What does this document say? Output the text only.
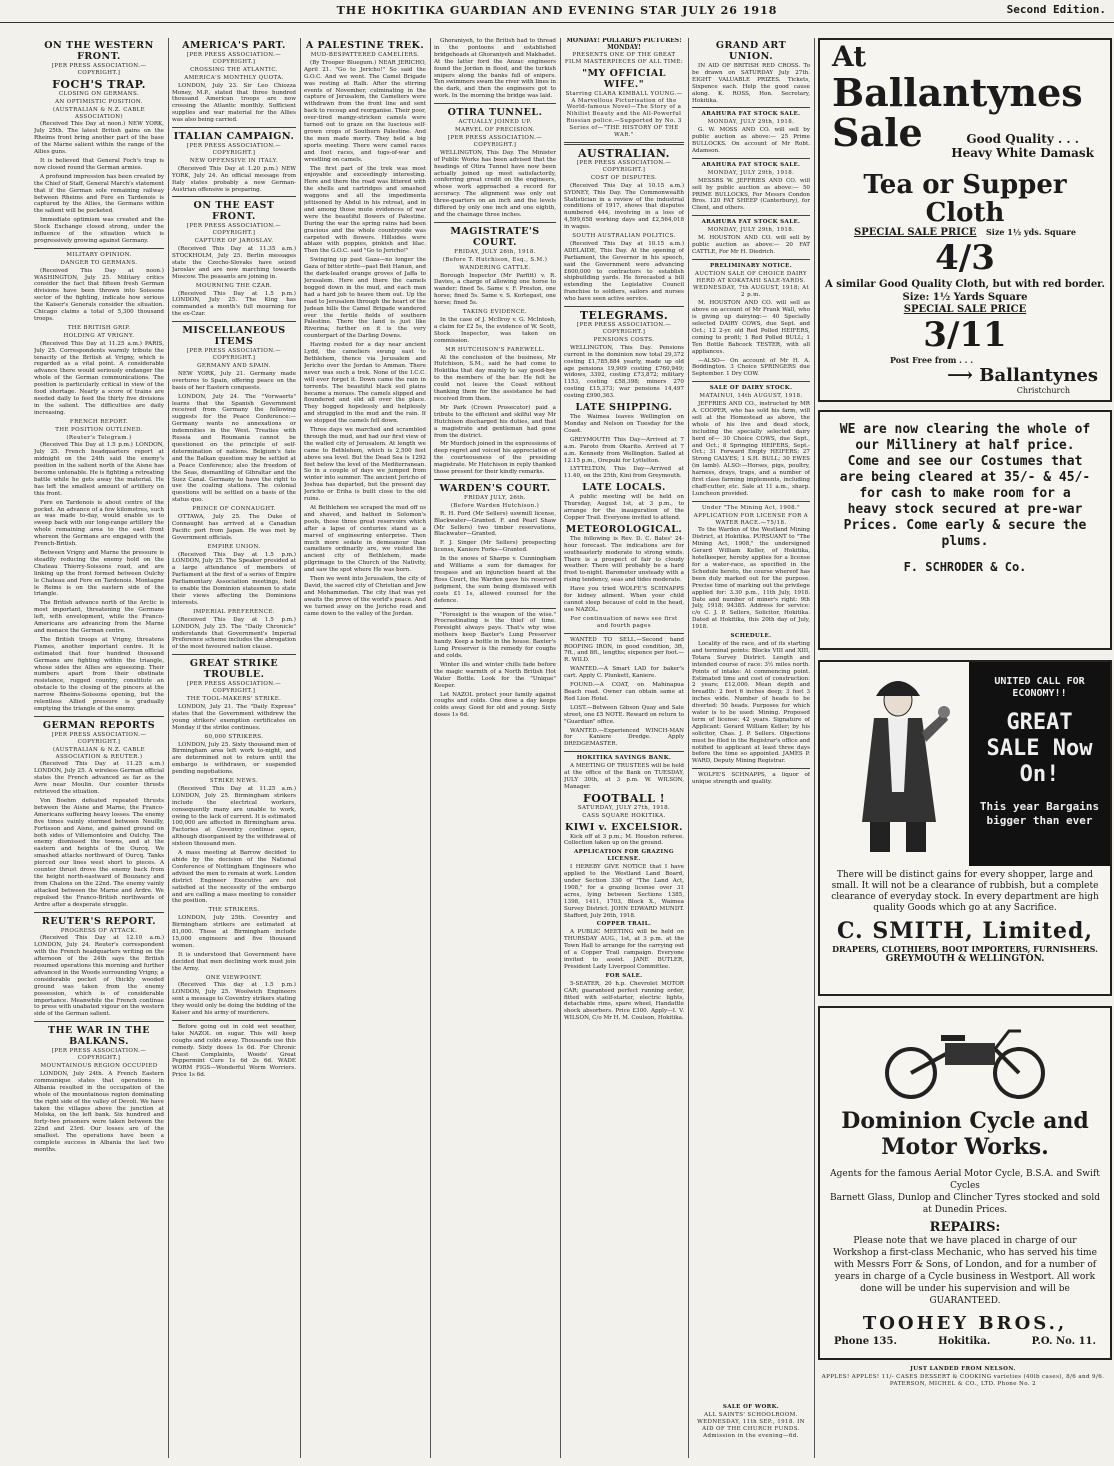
THE HOKITIKA GUARDIAN AND EVENING STAR JULY 26 1918	Second Edition.
ON THE WESTERN FRONT.
[PER PRESS ASSOCIATION.—COPYRIGHT.]
FOCH'S TRAP.
CLOSING ON GERMANS.
AN OPTIMISTIC POSITION.
(AUSTRALIAN & N.Z. CABLE ASSOCIATION)

(Received This Day at noon.) NEW YORK, July 25th. The latest British gains on the Rheims front bring another part of the base of the Marne salient within the range of the Allies guns.

It is believed that General Foch's trap is now closed round the German armies.

A profound impression has been created by the Chief of Staff, General March's statement that if the German sole remaining railway between Rheims and Fere en Tardenois is captured by the Allies, the Germans within the salient will be pocketed.

Immediate optimism was created and the Stock Exchange closed strong, under the influence of the situation which is progressively growing against Germany.

MILITARY OPINION.
DANGER TO GERMANS.

(Received This Day at noon.) WASHINGTON, July 25. Military critics consider the fact that fifteen fresh German divisions have been thrown into Soissons sector of the fighting, indicate how serious the Kaiser's Generals consider the situation. Chicago claims a total of 5,300 thousand troops.

THE BRITISH GRIP.
HOLDING AT VRIGNY.

(Received This Day at 11.25 a.m.) PARIS, July 25. Correspondents warmly tribute the tenacity of the British at Vrigny, which is regarded as a vital point. A considerable advance there would seriously endanger the whole of the German communications. The position is particularly critical in view of the food shortage. Nearly a score of trains are needed daily to feed the thirty five divisions in the salient. The difficulties are daily increasing.

FRENCH REPORT.
THE POSITION OUTLINED.
(Reuter's Telegram.)

(Received This Day at 1.5 p.m.) LONDON, July 25. French headquarters report at midnight on the 24th said the enemy's position in the salient north of the Aisne has become untenable. He is fighting a retreating battle while he gets away the material. He has left the smallest amount of artillery on this front.

Fere en Tardenois is about centre of the pocket. An advance of a few kilometres, such as was made to-day, would enable us to sweep back with our long-range artillery the whole remaining area to the east front whereon the Germans are engaged with the French-British.

Between Vrigny and Marne the pressure is steadily reducing the enemy hold on the Chateau Thierry-Soissons road, and are linking up the front formed between Oulchy le Chateau and Fere en Tardenois. Montagne le Reims is on the eastern side of the triangle.

The British advance north of the Arctic is most important, threatening the Germans left, with envelopment, while the Franco-Americans are advancing from the Marne and menace the German centre.

The British troops at Vrigny, threatens Fismes, another important centre. It is estimated that four hundred thousand Germans are fighting within the triangle, whose sides the Allies are squeezing. Their numbers apart from their obstinate resistance, rugged country, constitute an obstacle to the closing of the pincers at the narrow Rheims-Soissons opening, but the relentless Allied pressure is gradually emptying the triangle of the enemy.

GERMAN REPORTS
[PER PRESS ASSOCIATION.—COPYRIGHT.]
(AUSTRALIAN & N.Z. CABLE ASSOCIATION & REUTER.)

(Received This Day at 11.25 a.m.) LONDON, July 25. A wireless German official states the French advanced as far as the Avre near Moulin. Our counter thrusts retrieved the situation.

Von Boehm defeated repeated thrusts between the Aisne and Marne, the Franco-Americans suffering heavy losses. The enemy five times vainly stormed between Neuilly, Fortisson and Aisne, and gained ground on both sides of Villemontoire and Oulchy. The enemy dismissed the towns, and at the eastern and heights of the Ourcq. We smashed attacks northward of Ourcq. Tanks pierced our lines west short to pieces. A counter thrust drove the enemy back from the height north-eastward of Bouzancy and from Chalons on the 22nd. The enemy vainly attacked between the Marne and Ardre. We repulsed the Franco-British northwards of Ardre after a desperate struggle.

REUTER'S REPORT.
PROGRESS OF ATTACK.

(Received This Day at 12.10 a.m.) LONDON, July 24. Reuter's correspondent with the French headquarters writing on the afternoon of the 24th says the British resumed operations this morning and further advanced in the Woods surrounding Vrigny, a considerable pocket of thickly wooded ground was taken from the enemy possession, which is of considerable importance. Meanwhile the French continue to press with unabated vigour on the western side of the German salient.

THE WAR IN THE BALKANS.
[PER PRESS ASSOCIATION.—COPYRIGHT.]
MOUNTAINOUS REGION OCCUPIED

LONDON, July 24th. A French Eastern communique states that operations in Albania resulted in the occupation of the whole of the mountainous region dominating the right side of the valley of Devoli. We have taken the villages above the junction at Molska, on the left bank. Six hundred and forty-two prisoners were taken between the 22nd and 23rd. Our losses are of the smallest. The operations have been a complete success in Albania the last two months.

AMERICA'S PART.
[PER PRESS ASSOCIATION.—COPYRIGHT.]
CROSSING THE ATLANTIC.
AMERICA'S MONTHLY QUOTA.

LONDON, July 23. Sir Leo Chiozza Money, M.P., stated that three hundred thousand American troops are now crossing the Atlantic monthly. Sufficient supplies and war material for the Allies was also being carried.

ITALIAN CAMPAIGN.
[PER PRESS ASSOCIATION.—COPYRIGHT.]
NEW OFFENSIVE IN ITALY.

(Received This Day at 1.20 p.m.) NEW YORK, July 24. An official message from Italy states probably a new German-Austrian offensive is preparing.

ON THE EAST FRONT.
[PER PRESS ASSOCIATION.—COPYRIGHT.]
CAPTURE OF JAROSLAV.

(Received This Day at 11.35 a.m.) STOCKHOLM, July 25. Berlin messages state the Czecho-Slovaks have seized Jaroslav and are now marching towards Moscow. The peasants are joining in.

MOURNING THE CZAR.

(Received This Day at 1.5 p.m.) LONDON, July 25. The King has commanded a month's full mourning for the ex-Czar.

MISCELLANEOUS ITEMS
[PER PRESS ASSOCIATION.—COPYRIGHT.]
GERMANY AND SPAIN.

NEW YORK, July 21. Germany made overtures to Spain, offering peace on the basis of her Eastern conquests.

LONDON, July 24. The "Vorwaerts" learns that the Spanish Government received from Germany the following suggests for the Peace Conference:—Germany wants no annexations or indemnities in the West. Treaties with Russia and Roumania cannot be questioned on the principle of self-determination of nations. Belgium's fate and the Balkan question may be settled at a Peace Conference; also the freedom of the Seas, dismantling of Gibraltar and the Suez Canal. Germany to have the right to use the coaling stations. The colonial questions will be settled on a basis of the status quo.

PRINCE OF CONNAUGHT.

OTTAWA, July 25. The Duke of Connaught has arrived at a Canadian Pacific port from Japan. He was met by Government officials.

EMPIRE UNION.

(Received This Day at 1.5 p.m.) LONDON, July 25. The Speaker presided at a large attendance of members of Parliament at the first of a series of Empire Parliamentary Association meetings, held to enable the Dominion statesmen to state their views affecting the Dominions interests.

IMPERIAL PREFERENCE.

(Received This Day at 1.5 p.m.) LONDON, July 25. The "Daily Chronicle" understands that Government's Imperial Preference scheme includes the abrogation of the most favoured nation clause.

GREAT STRIKE TROUBLE.
[PER PRESS ASSOCIATION.—COPYRIGHT.]
THE TOOL-MAKERS' STRIKE.

LONDON, July 21. The "Daily Express" states that the Government withdrew the young strikers' exemption certificates on Monday if the strike continues.

60,000 STRIKERS.

LONDON, July 25. Sixty thousand men of Birmingham area left work to-night, and are determined not to return until the embargo is withdrawn, or suspended pending negotiations.

STRIKE NEWS.

(Received This Day at 11.25 a.m.) LONDON, July 25. Birmingham strikers include the electrical workers, consequently many are unable to work, owing to the lack of current. It is estimated 100,000 are affected in Birmingham area. Factories at Coventry continue open, although disorganised by the withdrawal of sixteen thousand men.

A mass meeting at Barrow decided to abide by the decision of the National Conference of Nottingham Engineers who advised the men to remain at work. London district Engineer Executive are not satisfied at the necessity of the embargo and are calling a mass meeting to consider the position.

THE STRIKERS.

LONDON, July 25th. Coventry and Birmingham strikers are estimated at 81,000. Those at Birmingham include 15,000 engineers and five thousand women.

It is understood that Government have decided that men declining work must join the Army.

ONE VIEWPOINT.

(Received This day at 1.5 p.m.) LONDON, July 25. Woolwich Engineers sent a message to Coventry strikers stating they would only be doing the bidding of the Kaiser and his army of murderers.

Before going out in cold wet weather, take NAZOL on sugar. This will keep coughs and colds away. Thousands use this remedy. Sixty doses 1s 6d. For Chronic Chest Complaints, Woods' Great Peppermint Cure 1s 6d 2s 6d. WADE WORM FIGS—Wonderful Worm Worriers. Price 1s 6d.

A PALESTINE TREK.
MUD-BESPATTERED CAMELIERS.

(By Trooper Bluegum.) NEAR JERICHO, April 21. "Go to Jericho!" So said the G.O.C. And we went. The Camel Brigade was resting at Ralh. After the stirring events of November, culminating in the capture of Jerusalem, the Cameliers were withdrawn from the front line and sent back to recoup and reorganise. Their poor, over-tired mangy-stricken camels were turned out to graze on the luscious self-grown crops of Southern Palestine. And the men made merry. They held a big sports meeting. There were camel races and foot races, and tugs-of-war and wrestling on camels.

The first part of the trek was most enjoyable and exceedingly interesting. Here and there the road was littered with the shells and cartridges and smashed waggons and all the impedimenta jettisoned by Abdul in his retreat, and in and among those mute evidences of war were the beautiful flowers of Palestine. During the war the spring rains had been gracious and the whole countryside was carpeted with flowers. Hillsides were ablaze with poppies, pinkish and lilac. Then the G.O.C. said "Go to Jericho!"

Swinging up past Gaza—no longer the Gaza of bitter strife—past Beit Hanun, and the dark-leafed orange groves of Jaffa to Jerusalem. Here and there the camels bogged down in the mud, and each man had a hard job to heave them out. Up the road to Jerusalem through the heart of the Judean hills the Camel Brigade wandered over the fertile fields of southern Palestine. There the land is just like Riverina; further on it is the very counterpart of the Darling Downs.

Having rested for a day near ancient Lydd, the cameliers swung east to Bethlehem, thence via Jerusalem and Jericho over the Jordan to Amman. There never was such a trek. None of the I.C.C. will ever forget it. Down came the rain in torrents. The beautiful black soil plains became a morass. The camels slipped and floundered and slid all over the place. They bogged hopelessly and helplessly and struggled in the mud and the rain. If we stopped the camels fell down.

Three days we marched and scrambled through the mud, and had our first view of the walled city of Jerusalem. At length we came to Bethlehem, which is 2,500 feet above sea level. But the Dead Sea is 1292 feet below the level of the Mediterranean. So in a couple of days we jumped from winter into summer. The ancient Jericho of Joshua has departed, but the present day Jericho or Eriha is built close to the old ruins.

At Bethlehem we scraped the mud off us and shaved, and bathed in Solomon's pools, those three great reservoirs which after a lapse of centuries stand as a marvel of engineering enterprise. Then much more sedate in demeanour than cameliers ordinarily are, we visited the ancient city of Bethlehem, made pilgrimage to the Church of the Nativity, and saw the spot where He was born.

Then we went into Jerusalem, the city of David, the sacred city of Christian and Jew and Mohammedan. The city that was yet awaits the prove of the world's peace. And we turned away on the Jericho road and came down to the valley of the Jordan.

Ghoraniyeh, to the British had to thread in the pontoons and established bridgeheads at Ghoraniyeh and Makhadet. At the latter ford the Anzac engineers found the Jordan in flood, and the turkish snipers along the banks full of snipers. Ten swimmers swam the river with lines in the dark, and then the engineers got to work. In the morning the bridge was laid.

OTIRA TUNNEL.
ACTUALLY JOINED UP.
MARVEL OF PRECISION.
[PER PRESS ASSOCIATION.—COPYRIGHT.]

WELLINGTON, This Day. The Minister of Public Works has been advised that the headings of Otira Tunnel have now been actually joined up most satisfactorily, conferring great credit on the engineers, whose work approached a record for accuracy. The alignment was only out three-quarters on an inch and the levels differed by only one inch and one eighth, and the chainage three inches.

MAGISTRATE'S COURT.
FRIDAY, JULY 26th, 1918.
(Before T. Hutchison, Esq., S.M.)
WANDERING CATTLE.

Borough Inspector (Mr Parfitt) v. R. Davies, a charge of allowing one horse to wander; fined 5s. Same v. F. Preston, one horse; fined 5s. Same v. S. Kortegast, one horse; fined 5s.

TAKING EVIDENCE.

In the case of J. McIlroy v. G. McIntosh, a claim for £2 5s, the evidence of W. Scott, Stock Inspector, was taken on commission.

MR HUTCHISON'S FAREWELL.

At the conclusion of the business, Mr Hutchison, S.M., said he had come to Hokitika that day mainly to say good-bye to the members of the bar. He felt he could not leave the Coast without thanking them for the assistance he had received from them.

Mr Park (Crown Prosecutor) paid a tribute to the efficient and skilful way Mr Hutchison discharged his duties, and that a magistrate and gentleman had gone from the district.

Mr Murdoch joined in the expressions of deep regret and voiced his appreciation of the courteousness of the presiding magistrate. Mr Hutchison in reply thanked those present for their kindly remarks.

WARDEN'S COURT.
FRIDAY JULY, 26th.
(Before Warden Hutchison.)

R. H. Ford (Mr Sellers) uswmill license, Blackwater—Granted. F. and Pearl Shaw (Mr Sellers) two timber reservations, Blackwater—Granted.

F. J. Singer (Mr Sellers) prospecting license, Kaniere Forks—Granted.

In the snows of Sharpe v. Cunningham and Williams a sum for damages for trespass and an injunction heard at the Ross Court, the Warden gave his reserved judgment, the sum being dismissed with costs £1 1s, allowed counsel for the defence.

"Foresight is the weapon of the wise." Procrastinating is the thief of time. Foresight always pays. That's why wise mothers keep Baxter's Lung Preserver handy. Keep a bottle in the house. Baxter's Lung Preserver is the remedy for coughs and colds.

Winter ills and winter chills fade before the magic warmth of a North British Hot Water Bottle. Look for the "Unique" Keeper.

Let NAZOL protect your family against coughs and colds. One dose a day keeps colds away. Good for old and young. Sixty doses 1s 6d.

MONDAY! POLLARD'S PICTURES! MONDAY!
PRESENTS ONE OF THE GREAT FILM MASTERPIECES OF ALL TIME:
"MY OFFICIAL WIFE."
Starring CLARA KIMBALL YOUNG.—A Marvellous Picturisation of the World-famous Novel—The Story of a Nihilist Beauty and the All-Powerful Russian police.—Supported by No. 3 Series of—"THE HISTORY OF THE WAR."
AUSTRALIAN.
[PER PRESS ASSOCIATION.—COPYRIGHT.]
COST OF DISPUTES.

(Received This Day at 10.15 a.m.) SYDNEY, This Day. The Commonwealth Statistician in a review of the industrial conditions of 1917, shows that disputes numbered 444, involving in a loss of 4,599,658 working days and £2,564,018 in wages.

SOUTH AUSTRALIAN POLITICS.

(Received This Day at 10.15 a.m.) ADELAIDE, This Day. At the opening of Parliament, the Governor in his speech, said the Government were advancing £600,000 to contractors to establish shipbuilding yards. He forecasted a bill extending the Legislative Council franchise to soldiers, sailors and nurses who have seen active service.

TELEGRAMS.
[PER PRESS ASSOCIATION.—COPYRIGHT.]
PENSIONS COSTS.

WELLINGTON, This Day. Pensions current in the dominion now total 29,372 costing £1,785,884 yearly, made up old age pensions 19,909 costing £760,949; widows, 3392, costing £73,872; military 1153, costing £58,398; miners 270 costing £15,373; war pensions 14,497 costing £990,363.

LATE SHIPPING.

The Waimea leaves Wellington on Monday and Nelson on Tuesday for the Coast.

GREYMOUTH This Day—Arrived at 7 a.m. Paroto from Okarito. Arrived at 7 a.m. Kennedy from Wellington. Sailed at 12.15 p.m., Orepuki for Lyttelton.

LYTTELTON, This Day—Arrived at 11.40, on the 25th, Kini from Greymouth.

LATE LOCALS.

A public meeting will be held on Thursday, August 1st, at 3 p.m., to arrange for the inauguration of the Copper Trail. Everyone invited to attend.

METEOROLOGICAL.

The following is Rev. D. C. Bates' 24-hour forecast. The indications are for southeasterly moderate to strong winds. There is a prospect of fair to cloudy weather. There will probably be a hard frost to-night. Barometer unsteady with a rising tendency, seas and tides moderate.

Have you tried WOLFE'S SCHNAPPS for kidney ailment. When your child cannot sleep because of cold in the head, use NAZOL.

For continuation of news see first and fourth pages

WANTED TO SELL.—Second hand ROOFING IRON, in good condition, 3ft, 7ft., and 8ft., lengths; sixpence per foot.—R. WILD.

WANTED.—A Smart LAD for baker's cart. Apply C. Plunkett, Kaniere.

FOUND.—A COAT, on Mahinapua Beach road. Owner can obtain same at Red Lion Hotel.

LOST.—Between Gibson Quay and Sale street, one £5 NOTE. Reward on return to "Guardian" office.

WANTED.—Experienced WINCH-MAN for Kaniere Dredge. Apply DREDGEMASTER.

HOKITIKA SAVINGS BANK.

A MEETING OF TRUSTEES will be held at the office of the Bank on TUESDAY, JULY 30th, at 3 p.m. W. WILSON, Manager.

FOOTBALL !
SATURDAY, JULY 27th, 1918.
CASS SQUARE HOKITIKA.
KIWI v. EXCELSIOR.

Kick off at 3 p.m.; M. Houston referee. Collection taken up on the ground.

APPLICATION FOR GRAZING LICENSE.

I HEREBY GIVE NOTICE that I have applied to the Westland Land Board, under Section 330 of "The Land Act, 1908," for a grazing license over 31 acres, lying between Sections 1385, 1398, 1411, 1703, Block X., Waimea Survey District. JOHN EDWARD MUNDT. Stafford, July 26th, 1918.

COPPER TRAIL.

A PUBLIC MEETING will be held on THURSDAY AUG., 1st, at 3 p.m. at the Town Hall to arrange for the carrying out of a Copper Trail campaign. Everyone invited to assist. JANE BUTLER, President Lady Liverpool Committee.

FOR SALE.

5-SEATER, 20 h.p. Chevrolet MOTOR CAR; guaranteed perfect running order, fitted with self-starter, electric lights, detachable rims, spare wheel, Handattle shock absorbers. Price £300. Apply—I. V. WILSON, C/o Mr H. M. Coulson, Hokitika.

GRAND ART UNION.

IN AID OF BRITISH RED CROSS. To be drawn on SATURDAY July 27th. EIGHT VALUABLE PRIZES. Tickets, Sixpence each. Help the good cause along. K. ROSS, Hon. Secretary, Hokitika.

ARAHURA FAT STOCK SALE.
MONDAY, JULY 29th, 1918.

G. W. MOSS AND CO. will sell by public auction as above:— 25 Prime BULLOCKS. On account of Mr Robt. Adamson.

ARAHURA FAT STOCK SALE.
MONDAY, JULY 29th, 1918.

MESSRS W. JEFFRIES AND CO. will sell by public auction as above:— 50 PRIME BULLOCKS, For Messrs Condon Bros. 120 FAT SHEEP (Canterbury), for Client, and others.

ARAHURA FAT STOCK SALE.
MONDAY, JULY 29th, 1918.

M. HOUSTON AND CO. will sell by public auction as above:— 20 FAT CATTLE, For Mr H. Diedrich.

PRELIMINARY NOTICE.
AUCTION SALE OF CHOICE DAIRY HERD AT KOKATAHI SALE-YARDS.
WEDNESDAY, 7th AUGUST, 1918; At 2 p.m.

M. HOUSTON AND CO. will sell as above on account of Mr Frank Wall, who is giving up dairying:— 40 Specially selected DAIRY COWS, due Sept. and Oct.; 12 2-yr. old Red Polled HEIFERS, coming to profit; 1 Red Polled BULL; 1 Ten Bottle Babcock TESTER, with all appliances.

—ALSO— On account of Mr H. A. Boddington. 3 Choice SPRINGERS due September. 1 Dry COW.

SALE OF DAIRY STOCK.
MATAINUI, 14th AUGUST, 1918.

JEFFRIES AND CO., instructed by MR A. COOPER, who has sold his farm, will sell at the Homestead as above, the whole of his live and dead stock, including the specially selected dairy herd of— 30 Choice COWS, due Sept., and Oct.; 8 Springing HEIFERS, Sept.-Oct.; 31 Forward Empty HEIFERS; 27 Strong CALVES; 1 S.H. BULL; 30 EWES (in lamb). ALSO:—Horses, pigs, poultry, harness, drays, traps, and a number of first class farming implements, including chaff-cutter, etc. Sale at 11 a.m., sharp. Luncheon provided.

Under "The Mining Act, 1908."
APPLICATION FOR LICENSE FOR A WATER RACE.—75/18.

To the Warden of the Westland Mining District, at Hokitika. PURSUANT to "The Mining Act, 1908," the undersigned Gerard William Keller, of Hokitika, hotelkeeper, hereby applies for a license for a water-race, as specified in the Schedule hereto, the course whereof has been duly marked out for the purpose. Precise time of marking out the privilege applied for: 3.30 p.m., 11th July, 1918. Date and number of miner's right: 9th July, 1918; 94385. Address for service: c/o C. J. P. Sellers, Solicitor, Hokitika. Dated at Hokitika, this 20th day of July, 1918.

SCHEDULE.

Locality of the race, and of its starting and terminal points: Blocks VIII and XIII, Totara Survey District. Length and intended course of race: 3½ miles north. Points of intake: At commencing point. Estimated time and cost of construction: 2 years; £12,000. Mean depth and breadth: 2 feet 6 inches deep; 3 feet 3 inches wide. Number of heads to be diverted: 50 heads. Purposes for which water is to be used: Mining. Proposed term of license: 42 years. Signature of Applicant: Gerard William Keller; by his solicitor, Chas. J. P. Sellers. Objections must be filed in the Registrar's office and notified to applicant at least three days before the time so appointed. JAMES P. WARD, Deputy Mining Registrar.

WOLFE'S SCHNAPPS, a liquor of unique strength and quality.

At
Ballantynes
Sale	Good Quality . . .
Heavy White Damask
Tea or Supper Cloth
SPECIAL SALE PRICE Size 1½ yds. Square
4/3
A similar Good Quality Cloth, but with red border. Size: 1½ Yards Square
SPECIAL SALE PRICE
3/11
Post Free from . . .
⟶ Ballantynes
Christchurch
WE are now clearing the whole of our Millinery at half price. Come and see our Costumes that are being cleared at 35/- & 45/- for cash to make room for a heavy stock secured at pre-war Prices. Come early & secure the plums.
F. SCHRODER & Co.
UNITED CALL FOR ECONOMY!!
GREAT SALE Now On!
This year Bargains bigger than ever
There will be distinct gains for every shopper, large and small. It will not be a clearance of rubbish, but a complete clearance of everyday stock. In every department are high quality Goods which go at any Sacrifice.
C. SMITH, Limited,
DRAPERS, CLOTHIERS, BOOT IMPORTERS, FURNISHERS.
GREYMOUTH & WELLINGTON.
Dominion Cycle and Motor Works.
Agents for the famous Aerial Motor Cycle, B.S.A. and Swift Cycles
Barnett Glass, Dunlop and Clincher Tyres stocked and sold at Dunedin Prices.
REPAIRS:
Please note that we have placed in charge of our Workshop a first-class Mechanic, who has served his time with Messrs Forr & Sons, of London, and for a number of years in charge of a Cycle business in Westport. All work done will be under his supervision and will be GUARANTEED.
TOOHEY BROS.,
Phone 135.	Hokitika.	P.O. No. 11.
SALE OF WORK.
ALL SAINTS' SCHOOLROOM. WEDNESDAY, 11th SEP., 1918. IN AID OF THE CHURCH FUNDS. Admission in the evening—6d.
JUST LANDED FROM NELSON.
APPLES! APPLES! 11/- CASES DESSERT & COOKING varieties (40lb cases), 8/6 and 9/6. PATERSON, MICHEL & CO., LTD. Phone No. 2
